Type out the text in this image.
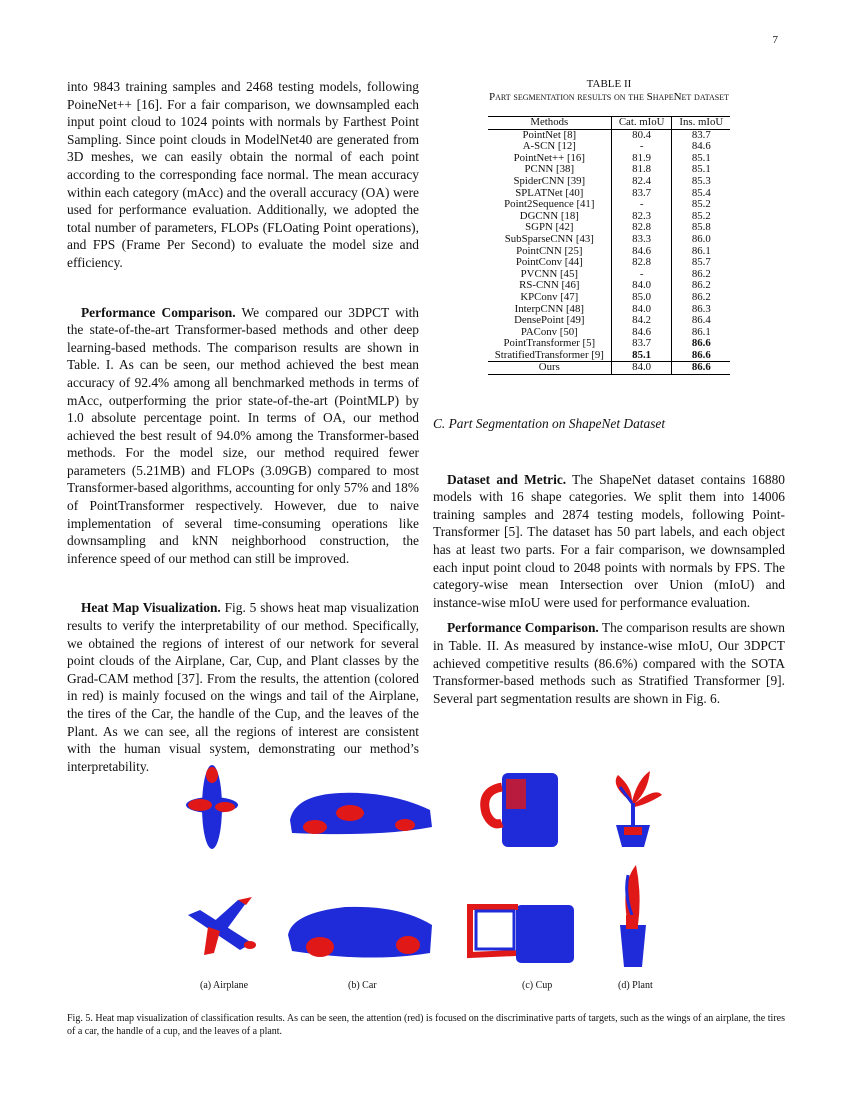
7

into 9843 training samples and 2468 testing models, following PoineNet++ [16]. For a fair comparison, we downsampled each input point cloud to 1024 points with normals by Farthest Point Sampling. Since point clouds in ModelNet40 are generated from 3D meshes, we can easily obtain the normal of each point according to the corresponding face normal. The mean accuracy within each category (mAcc) and the overall accuracy (OA) were used for performance evaluation. Additionally, we adopted the total number of parameters, FLOPs (FLOating Point operations), and FPS (Frame Per Second) to evaluate the model size and efficiency.

Performance Comparison. We compared our 3DPCT with the state-of-the-art Transformer-based methods and other deep learning-based methods. The comparison results are shown in Table. I. As can be seen, our method achieved the best mean accuracy of 92.4% among all benchmarked methods in terms of mAcc, outperforming the prior state-of-the-art (PointMLP) by 1.0 absolute percentage point. In terms of OA, our method achieved the best result of 94.0% among the Transformer-based methods. For the model size, our method required fewer parameters (5.21MB) and FLOPs (3.09GB) compared to most Transformer-based algorithms, accounting for only 57% and 18% of PointTransformer respectively. However, due to naive implementation of several time-consuming operations like downsampling and kNN neighborhood construction, the inference speed of our method can still be improved.

Heat Map Visualization. Fig. 5 shows heat map visualization results to verify the interpretability of our method. Specifically, we obtained the regions of interest of our network for several point clouds of the Airplane, Car, Cup, and Plant classes by the Grad-CAM method [37]. From the results, the attention (colored in red) is mainly focused on the wings and tail of the Airplane, the tires of the Car, the handle of the Cup, and the leaves of the Plant. As we can see, all the regions of interest are consistent with the human visual system, demonstrating our method’s interpretability.

TABLE II
Part segmentation results on the ShapeNet dataset
Methods	Cat. mIoU	Ins. mIoU
PointNet [8]	80.4	83.7
A-SCN [12]	-	84.6
PointNet++ [16]	81.9	85.1
PCNN [38]	81.8	85.1
SpiderCNN [39]	82.4	85.3
SPLATNet [40]	83.7	85.4
Point2Sequence [41]	-	85.2
DGCNN [18]	82.3	85.2
SGPN [42]	82.8	85.8
SubSparseCNN [43]	83.3	86.0
PointCNN [25]	84.6	86.1
PointConv [44]	82.8	85.7
PVCNN [45]	-	86.2
RS-CNN [46]	84.0	86.2
KPConv [47]	85.0	86.2
InterpCNN [48]	84.0	86.3
DensePoint [49]	84.2	86.4
PAConv [50]	84.6	86.1
PointTransformer [5]	83.7	86.6
StratifiedTransformer [9]	85.1	86.6
Ours	84.0	86.6

C. Part Segmentation on ShapeNet Dataset

Dataset and Metric. The ShapeNet dataset contains 16880 models with 16 shape categories. We split them into 14006 training samples and 2874 testing models, following Point-Transformer [5]. The dataset has 50 part labels, and each object has at least two parts. For a fair comparison, we downsampled each input point cloud to 2048 points with normals by FPS. The category-wise mean Intersection over Union (mIoU) and instance-wise mIoU were used for performance evaluation.

Performance Comparison. The comparison results are shown in Table. II. As measured by instance-wise mIoU, Our 3DPCT achieved competitive results (86.6%) compared with the SOTA Transformer-based methods such as Stratified Transformer [9]. Several part segmentation results are shown in Fig. 6.

(a) Airplane	(b) Car	(c) Cup	(d) Plant
Fig. 5. Heat map visualization of classification results. As can be seen, the attention (red) is focused on the discriminative parts of targets, such as the wings of an airplane, the tires of a car, the handle of a cup, and the leaves of a plant.
